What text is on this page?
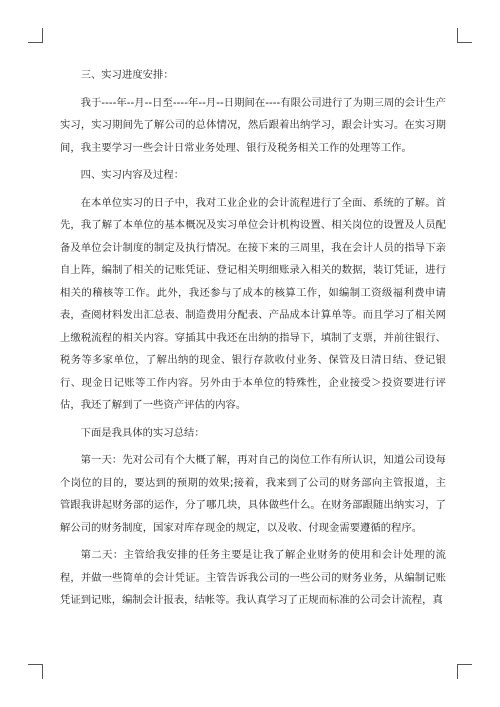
三、实习进度安排：

我于----年--月--日至----年--月--日期间在----有限公司进行了为期三周的会计生产实习，实习期间先了解公司的总体情况，然后跟着出纳学习，跟会计实习。在实习期间，我主要学习一些会计日常业务处理、银行及税务相关工作的处理等工作。

四、实习内容及过程：

在本单位实习的日子中，我对工业企业的会计流程进行了全面、系统的了解。首先，我了解了本单位的基本概况及实习单位会计机构设置、相关岗位的设置及人员配备及单位会计制度的制定及执行情况。在接下来的三周里，我在会计人员的指导下亲自上阵，编制了相关的记账凭证、登记相关明细账录入相关的数据，装订凭证，进行相关的稽核等工作。此外，我还参与了成本的核算工作，如编制工资级福利费申请表，查阅材料发出汇总表、制造费用分配表、产品成本计算单等。而且学习了相关网上缴税流程的相关内容。穿插其中我还在出纳的指导下，填制了支票，并前往银行、税务等多家单位，了解出纳的现金、银行存款收付业务、保管及日清日结、登记银行、现金日记账等工作内容。另外由于本单位的特殊性，企业接受＞投资要进行评估，我还了解到了一些资产评估的内容。

下面是我具体的实习总结：

第一天：先对公司有个大概了解，再对自己的岗位工作有所认识，知道公司设每个岗位的目的，要达到的预期的效果;接着，我来到了公司的财务部向主管报道，主管跟我讲起财务部的运作，分了哪几块，具体做些什么。在财务部跟随出纳实习，了解公司的财务制度，国家对库存现金的规定，以及收、付现金需要遵循的程序。

第二天：主管给我安排的任务主要是让我了解企业财务的使用和会计处理的流程，并做一些简单的会计凭证。主管告诉我公司的一些公司的财务业务，从编制记账凭证到记账，编制会计报表，结帐等。我认真学习了正规而标准的公司会计流程，真
